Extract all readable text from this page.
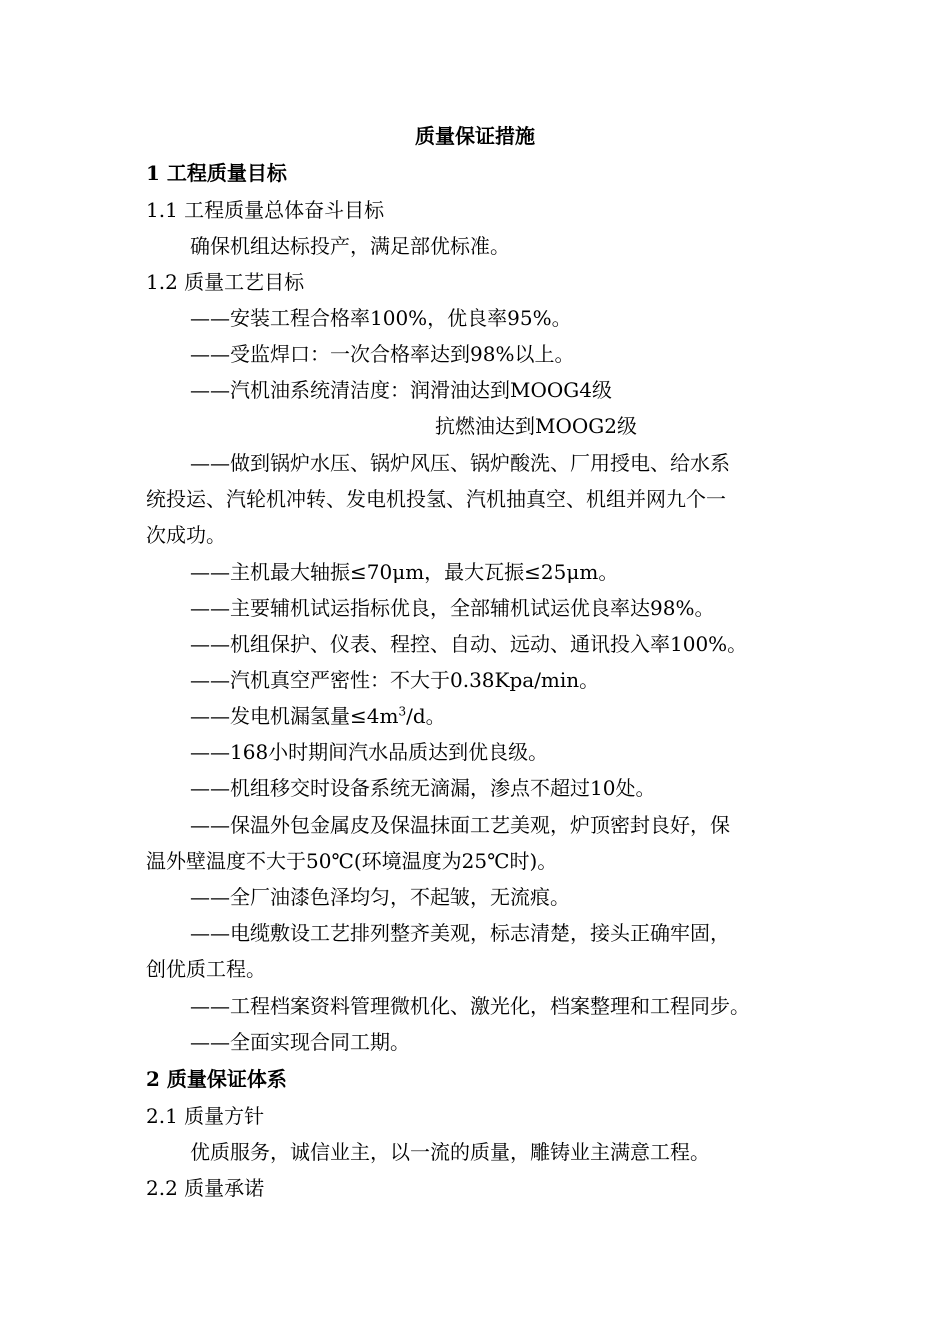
质量保证措施
1 工程质量目标
1.1 工程质量总体奋斗目标
确保机组达标投产，满足部优标准。
1.2 质量工艺目标
——安装工程合格率100%，优良率95%。
——受监焊口：一次合格率达到98%以上。
——汽机油系统清洁度：润滑油达到MOOG4级
抗燃油达到MOOG2级
——做到锅炉水压、锅炉风压、锅炉酸洗、厂用授电、给水系
统投运、汽轮机冲转、发电机投氢、汽机抽真空、机组并网九个一
次成功。
——主机最大轴振≤70μm，最大瓦振≤25μm。
——主要辅机试运指标优良，全部辅机试运优良率达98%。
——机组保护、仪表、程控、自动、远动、通讯投入率100%。
——汽机真空严密性：不大于0.38Kpa/min。
——发电机漏氢量$\le 4m^3/d$。
——168小时期间汽水品质达到优良级。
——机组移交时设备系统无滴漏，渗点不超过10处。
——保温外包金属皮及保温抹面工艺美观，炉顶密封良好，保
温外壁温度不大于50℃(环境温度为25℃时)。
——全厂油漆色泽均匀，不起皱，无流痕。
——电缆敷设工艺排列整齐美观，标志清楚，接头正确牢固，
创优质工程。
——工程档案资料管理微机化、激光化，档案整理和工程同步。
——全面实现合同工期。
2 质量保证体系
2.1 质量方针
优质服务，诚信业主，以一流的质量，雕铸业主满意工程。
2.2 质量承诺
